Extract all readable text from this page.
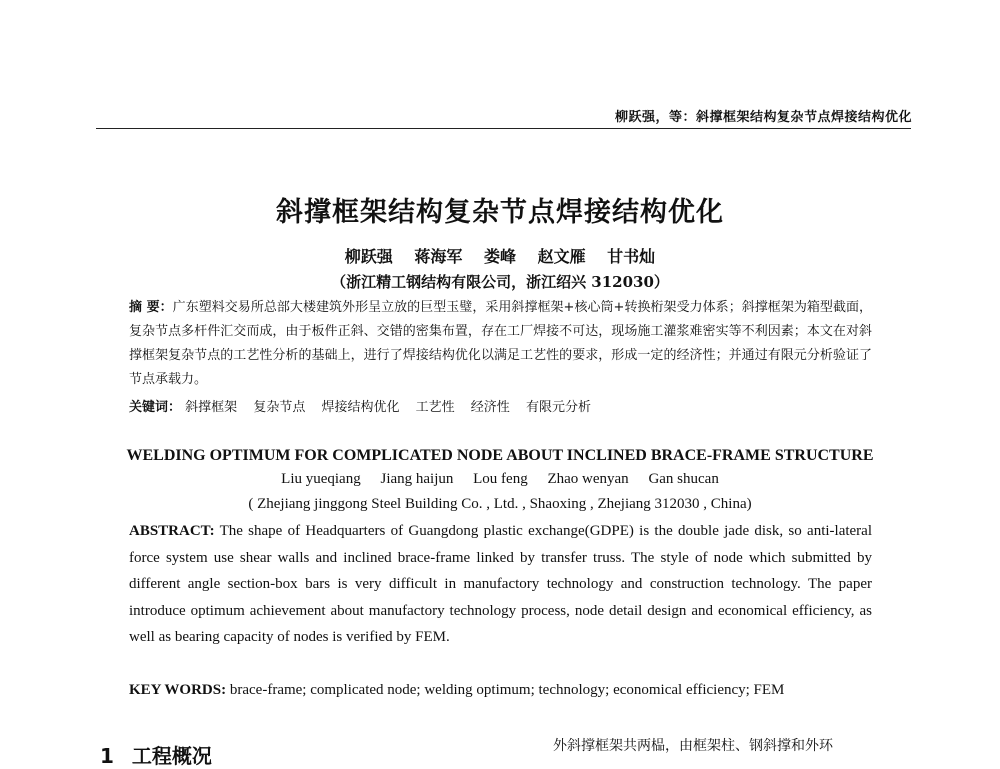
柳跃强，等：斜撑框架结构复杂节点焊接结构优化
斜撑框架结构复杂节点焊接结构优化
柳跃强 蒋海军 娄峰 赵文雁 甘书灿
（浙江精工钢结构有限公司，浙江绍兴 312030）
摘 要：广东塑料交易所总部大楼建筑外形呈立放的巨型玉璧，采用斜撑框架+核心筒+转换桁架受力体系；斜撑框架为箱型截面，复杂节点多杆件汇交而成，由于板件正斜、交错的密集布置，存在工厂焊接不可达，现场施工灌浆难密实等不利因素；本文在对斜撑框架复杂节点的工艺性分析的基础上，进行了焊接结构优化以满足工艺性的要求，形成一定的经济性；并通过有限元分析验证了节点承载力。
关键词： 斜撑框架 复杂节点 焊接结构优化 工艺性 经济性 有限元分析
WELDING OPTIMUM FOR COMPLICATED NODE ABOUT INCLINED BRACE-FRAME STRUCTURE
Liu yueqiang Jiang haijun Lou feng Zhao wenyan Gan shucan
( Zhejiang jinggong Steel Building Co. , Ltd. , Shaoxing , Zhejiang 312030 , China)
ABSTRACT: The shape of Headquarters of Guangdong plastic exchange(GDPE) is the double jade disk, so anti-lateral force system use shear walls and inclined brace-frame linked by transfer truss. The style of node which submitted by different angle section-box bars is very difficult in manufactory technology and construction technology. The paper introduce optimum achievement about manufactory technology process, node detail design and economical efficiency, as well as bearing capacity of nodes is verified by FEM.
KEY WORDS: brace-frame; complicated node; welding optimum; technology; economical efficiency; FEM
1 工程概况	外斜撑框架共两榀，由框架柱、钢斜撑和外环
